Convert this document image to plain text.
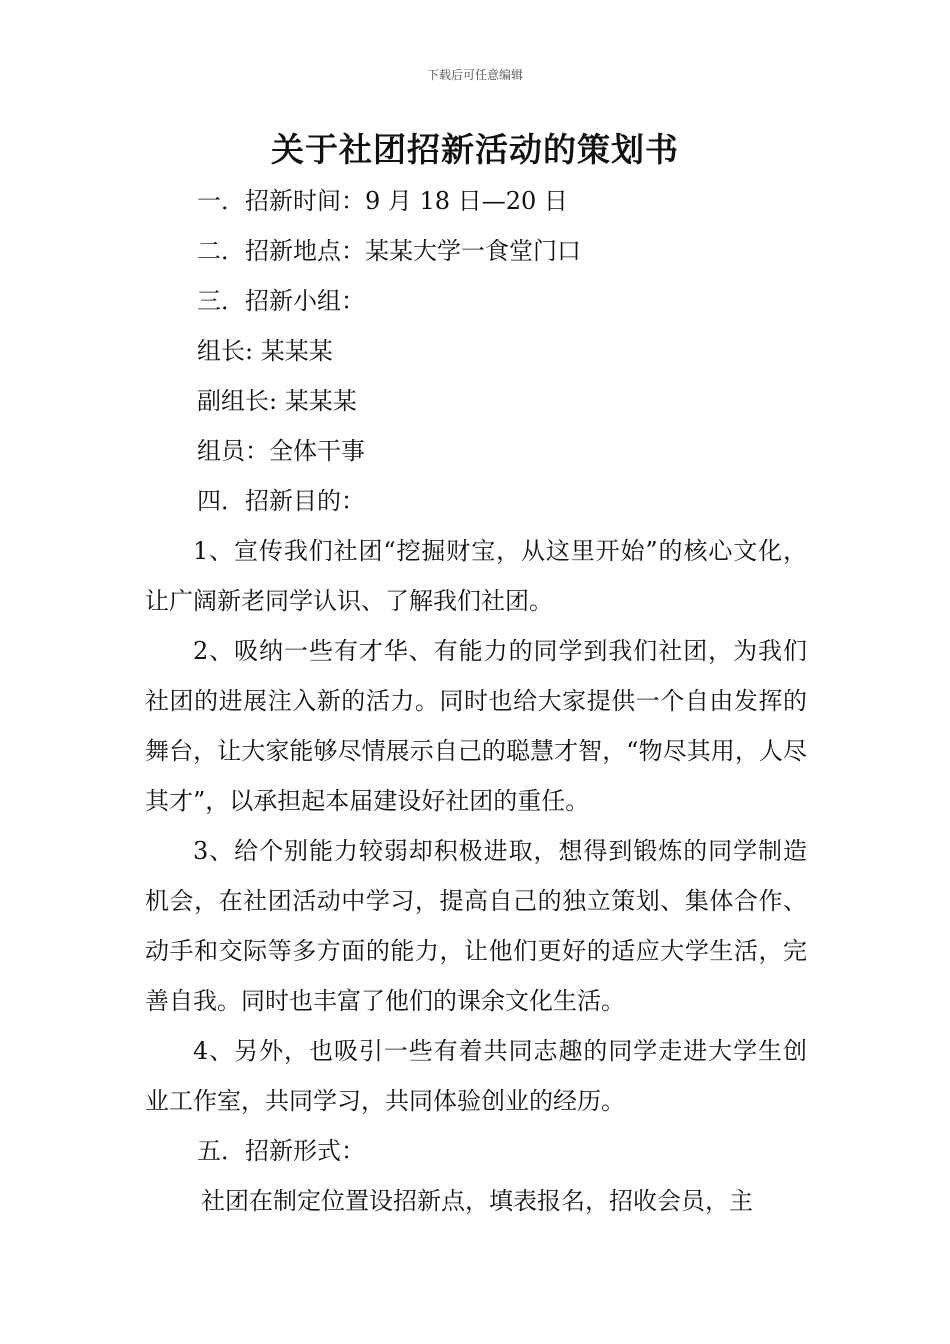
下载后可任意编辑
关于社团招新活动的策划书
一．招新时间：9 月 18 日—20 日
二．招新地点：某某大学一食堂门口
三．招新小组：
组长: 某某某
副组长: 某某某
组员：全体干事
四．招新目的：

1、宣传我们社团“挖掘财宝，从这里开始”的核心文化，让广阔新老同学认识、了解我们社团。

2、吸纳一些有才华、有能力的同学到我们社团，为我们社团的进展注入新的活力。同时也给大家提供一个自由发挥的舞台，让大家能够尽情展示自己的聪慧才智，“物尽其用，人尽其才”，以承担起本届建设好社团的重任。

3、给个别能力较弱却积极进取，想得到锻炼的同学制造机会，在社团活动中学习，提高自己的独立策划、集体合作、动手和交际等多方面的能力，让他们更好的适应大学生活，完善自我。同时也丰富了他们的课余文化生活。

4、另外，也吸引一些有着共同志趣的同学走进大学生创业工作室，共同学习，共同体验创业的经历。

五．招新形式：

社团在制定位置设招新点，填表报名，招收会员，主
